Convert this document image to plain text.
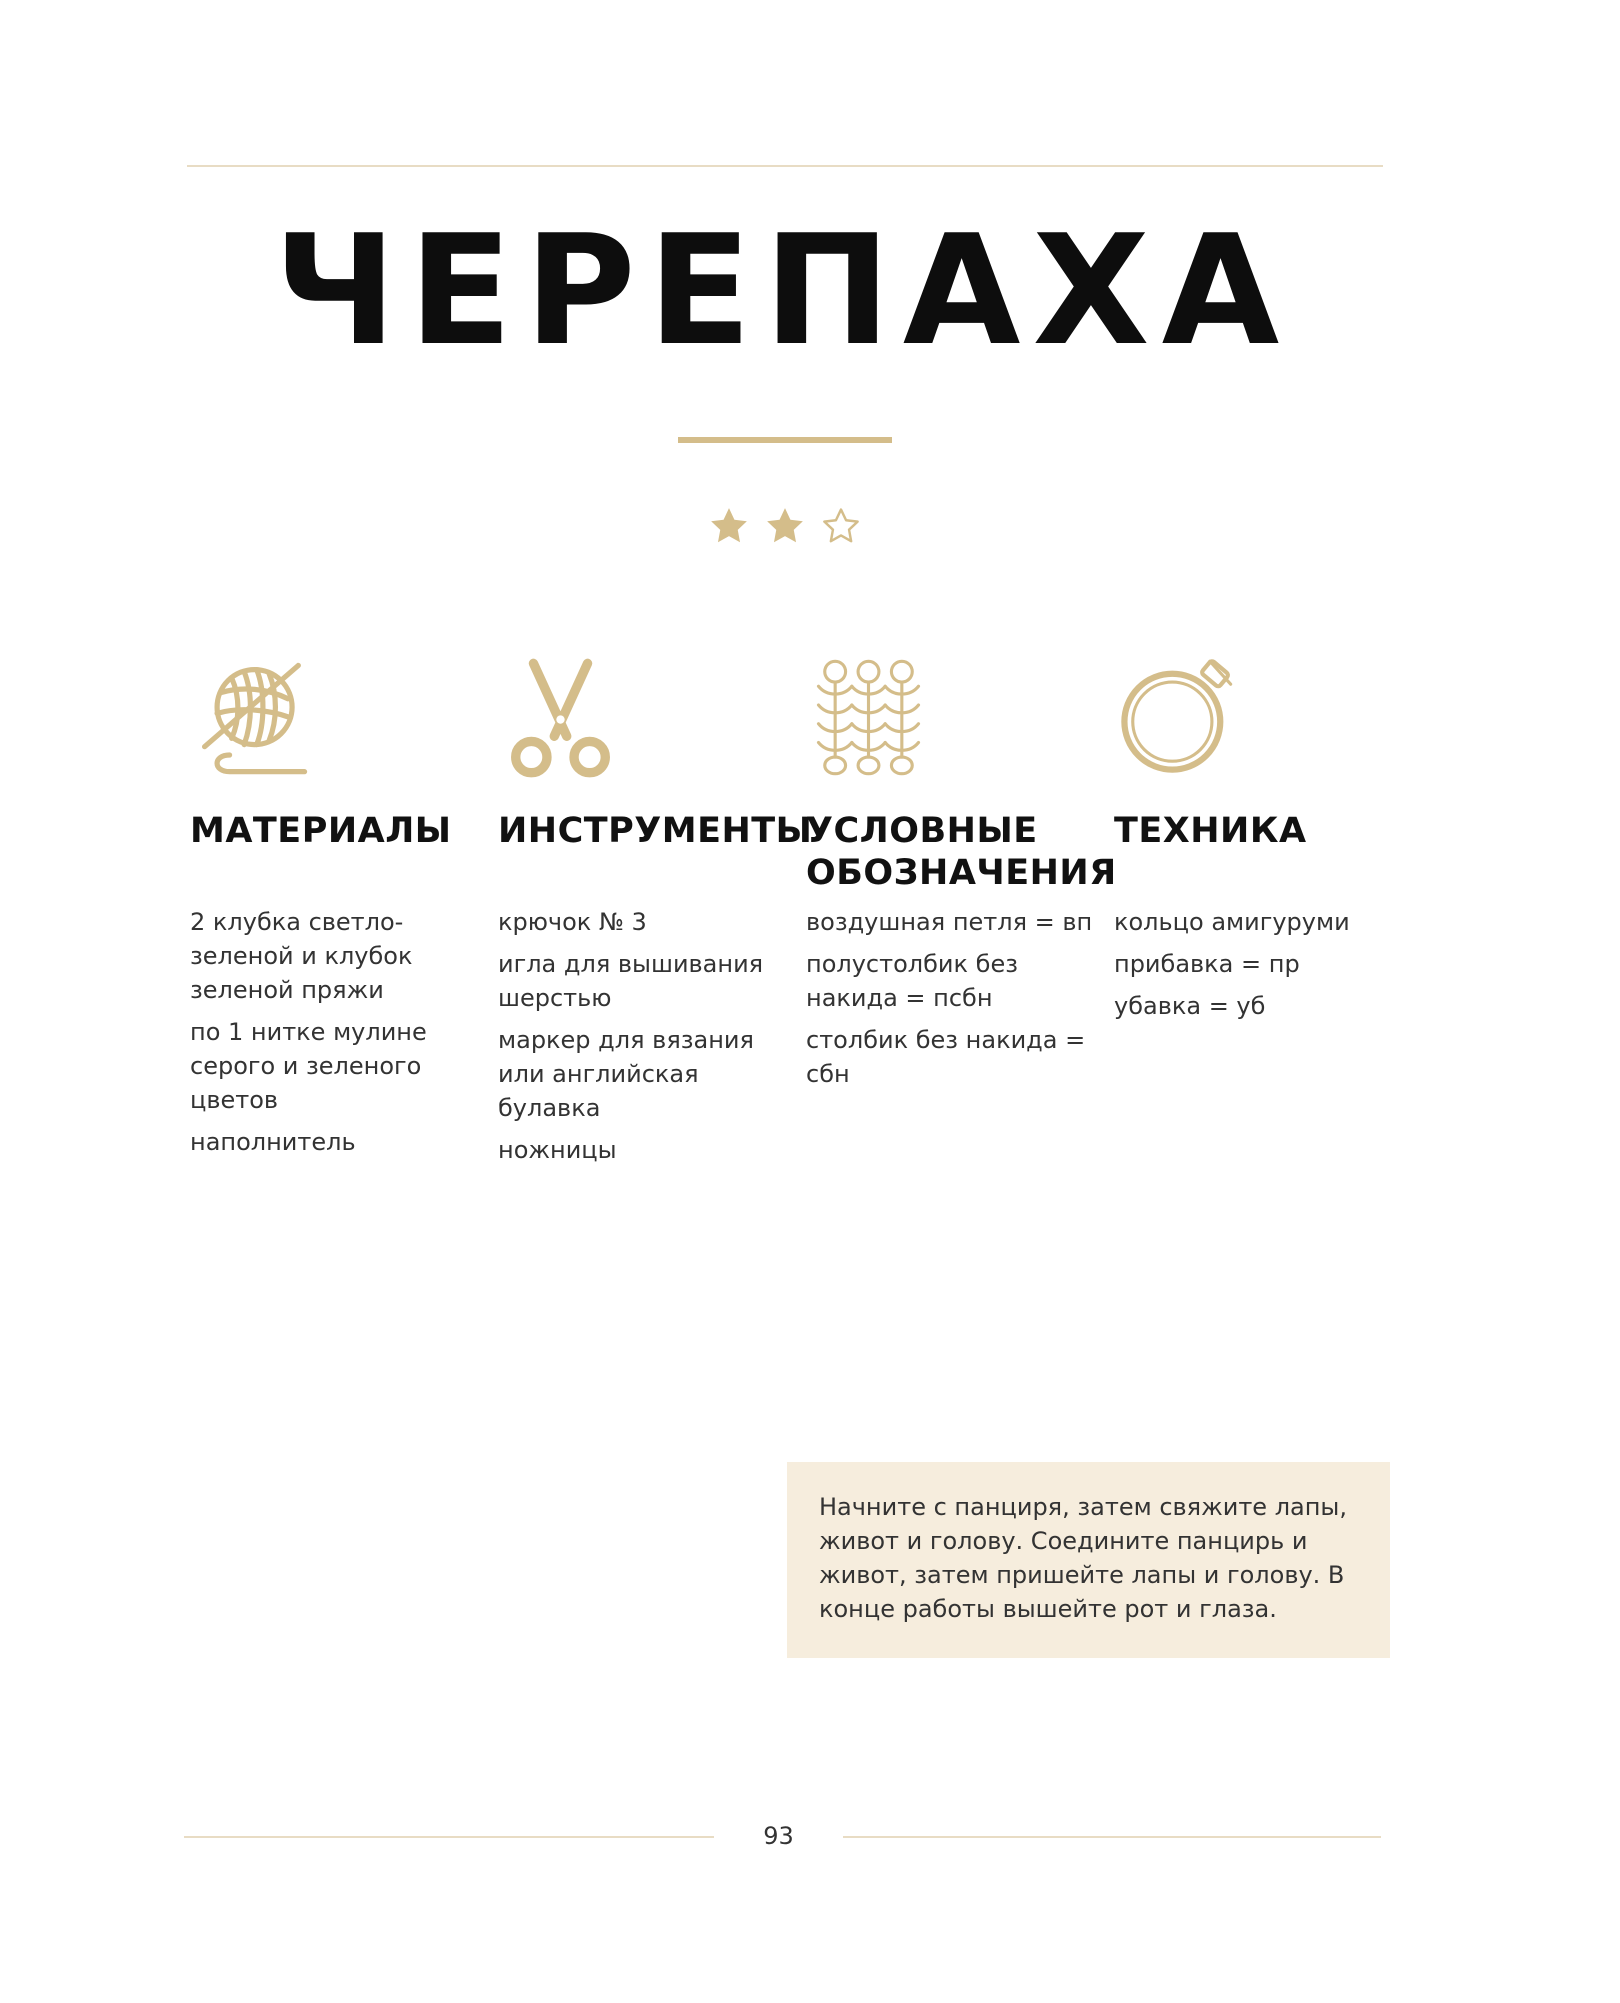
ЧЕРЕПАХА
МАТЕРИАЛЫ
2 клубка светло-зеленой и клубок зеленой пряжи
по 1 нитке мулине серого и зеленого цветов
наполнитель
ИНСТРУМЕНТЫ
крючок № 3
игла для вышивания шерстью
маркер для вязания или английская булавка
ножницы
УСЛОВНЫЕ ОБОЗНАЧЕНИЯ
воздушная петля = вп
полустолбик без накида = псбн
столбик без накида = сбн
ТЕХНИКА
кольцо амигуруми
прибавка = пр
убавка = уб
Начните с панциря, затем свяжите лапы, живот и голову. Соедините панцирь и живот, затем пришейте лапы и голову. В конце работы вышейте рот и глаза.
93
